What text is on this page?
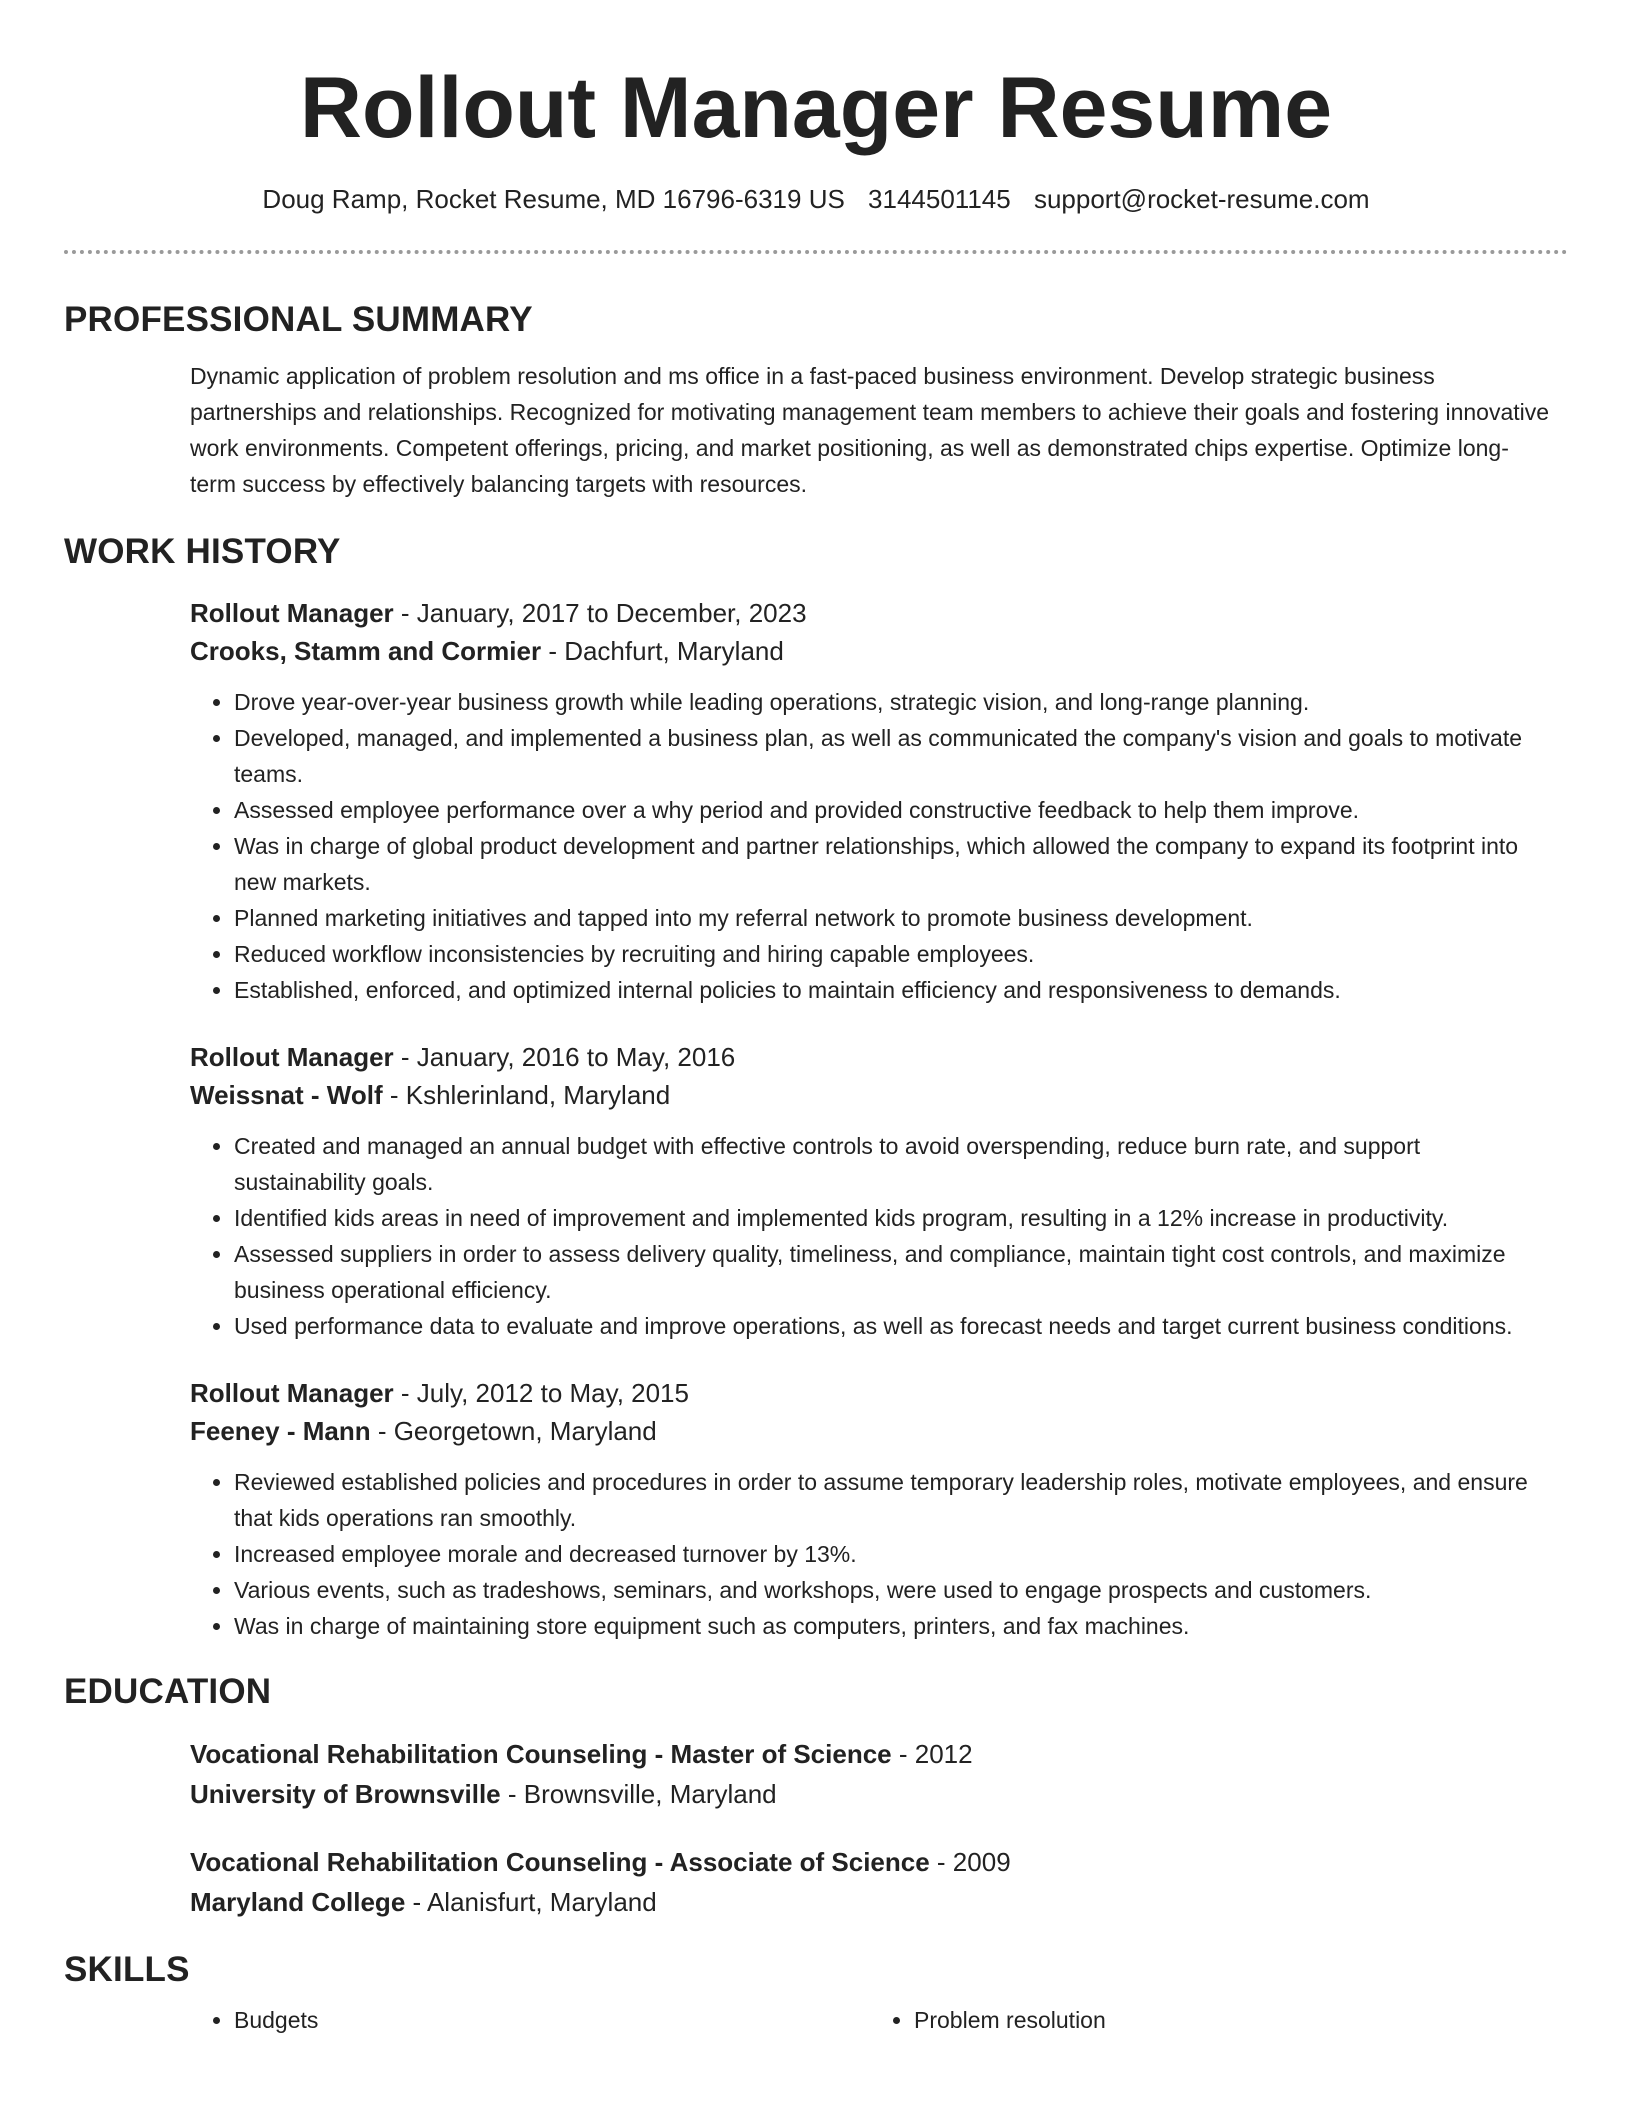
Rollout Manager Resume
Doug Ramp, Rocket Resume, MD 16796-6319 US 3144501145 support@rocket-resume.com
PROFESSIONAL SUMMARY

Dynamic application of problem resolution and ms office in a fast-paced business environment. Develop strategic business partnerships and relationships. Recognized for motivating management team members to achieve their goals and fostering innovative work environments. Competent offerings, pricing, and market positioning, as well as demonstrated chips expertise. Optimize long-term success by effectively balancing targets with resources.

WORK HISTORY
Rollout Manager - January, 2017 to December, 2023
Crooks, Stamm and Cormier - Dachfurt, Maryland
• Drove year-over-year business growth while leading operations, strategic vision, and long-range planning.
• Developed, managed, and implemented a business plan, as well as communicated the company's vision and goals to motivate teams.
• Assessed employee performance over a why period and provided constructive feedback to help them improve.
• Was in charge of global product development and partner relationships, which allowed the company to expand its footprint into new markets.
• Planned marketing initiatives and tapped into my referral network to promote business development.
• Reduced workflow inconsistencies by recruiting and hiring capable employees.
• Established, enforced, and optimized internal policies to maintain efficiency and responsiveness to demands.
Rollout Manager - January, 2016 to May, 2016
Weissnat - Wolf - Kshlerinland, Maryland
• Created and managed an annual budget with effective controls to avoid overspending, reduce burn rate, and support sustainability goals.
• Identified kids areas in need of improvement and implemented kids program, resulting in a 12% increase in productivity.
• Assessed suppliers in order to assess delivery quality, timeliness, and compliance, maintain tight cost controls, and maximize business operational efficiency.
• Used performance data to evaluate and improve operations, as well as forecast needs and target current business conditions.
Rollout Manager - July, 2012 to May, 2015
Feeney - Mann - Georgetown, Maryland
• Reviewed established policies and procedures in order to assume temporary leadership roles, motivate employees, and ensure that kids operations ran smoothly.
• Increased employee morale and decreased turnover by 13%.
• Various events, such as tradeshows, seminars, and workshops, were used to engage prospects and customers.
• Was in charge of maintaining store equipment such as computers, printers, and fax machines.
EDUCATION
Vocational Rehabilitation Counseling - Master of Science - 2012
University of Brownsville - Brownsville, Maryland
Vocational Rehabilitation Counseling - Associate of Science - 2009
Maryland College - Alanisfurt, Maryland
SKILLS
• Budgets
•	Problem resolution
